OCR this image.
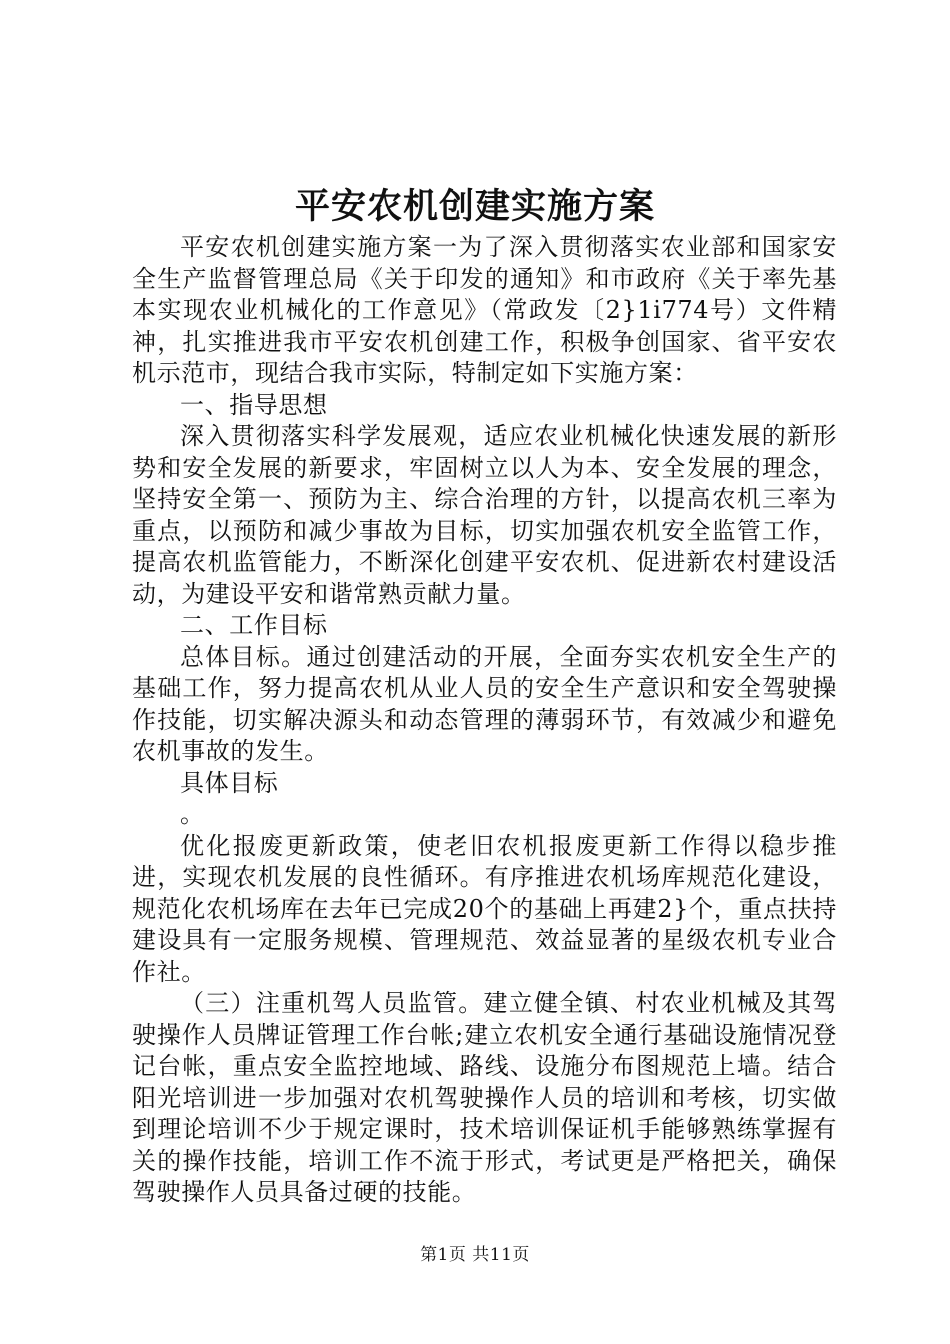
平安农机创建实施方案

平安农机创建实施方案一为了深入贯彻落实农业部和国家安全生产监督管理总局《关于印发的通知》和市政府《关于率先基本实现农业机械化的工作意见》（常政发〔2}1i774号）文件精神，扎实推进我市平安农机创建工作，积极争创国家、省平安农机示范市，现结合我市实际，特制定如下实施方案：

一、指导思想

深入贯彻落实科学发展观，适应农业机械化快速发展的新形势和安全发展的新要求，牢固树立以人为本、安全发展的理念，坚持安全第一、预防为主、综合治理的方针，以提高农机三率为重点，以预防和减少事故为目标，切实加强农机安全监管工作，提高农机监管能力，不断深化创建平安农机、促进新农村建设活动，为建设平安和谐常熟贡献力量。

二、工作目标

总体目标。通过创建活动的开展，全面夯实农机安全生产的基础工作，努力提高农机从业人员的安全生产意识和安全驾驶操作技能，切实解决源头和动态管理的薄弱环节，有效减少和避免农机事故的发生。

具体目标

。

优化报废更新政策，使老旧农机报废更新工作得以稳步推进，实现农机发展的良性循环。有序推进农机场库规范化建设，规范化农机场库在去年已完成20个的基础上再建2}个，重点扶持建设具有一定服务规模、管理规范、效益显著的星级农机专业合作社。

（三）注重机驾人员监管。建立健全镇、村农业机械及其驾驶操作人员牌证管理工作台帐;建立农机安全通行基础设施情况登记台帐，重点安全监控地域、路线、设施分布图规范上墙。结合阳光培训进一步加强对农机驾驶操作人员的培训和考核，切实做到理论培训不少于规定课时，技术培训保证机手能够熟练掌握有关的操作技能，培训工作不流于形式，考试更是严格把关，确保驾驶操作人员具备过硬的技能。

第1页 共11页
